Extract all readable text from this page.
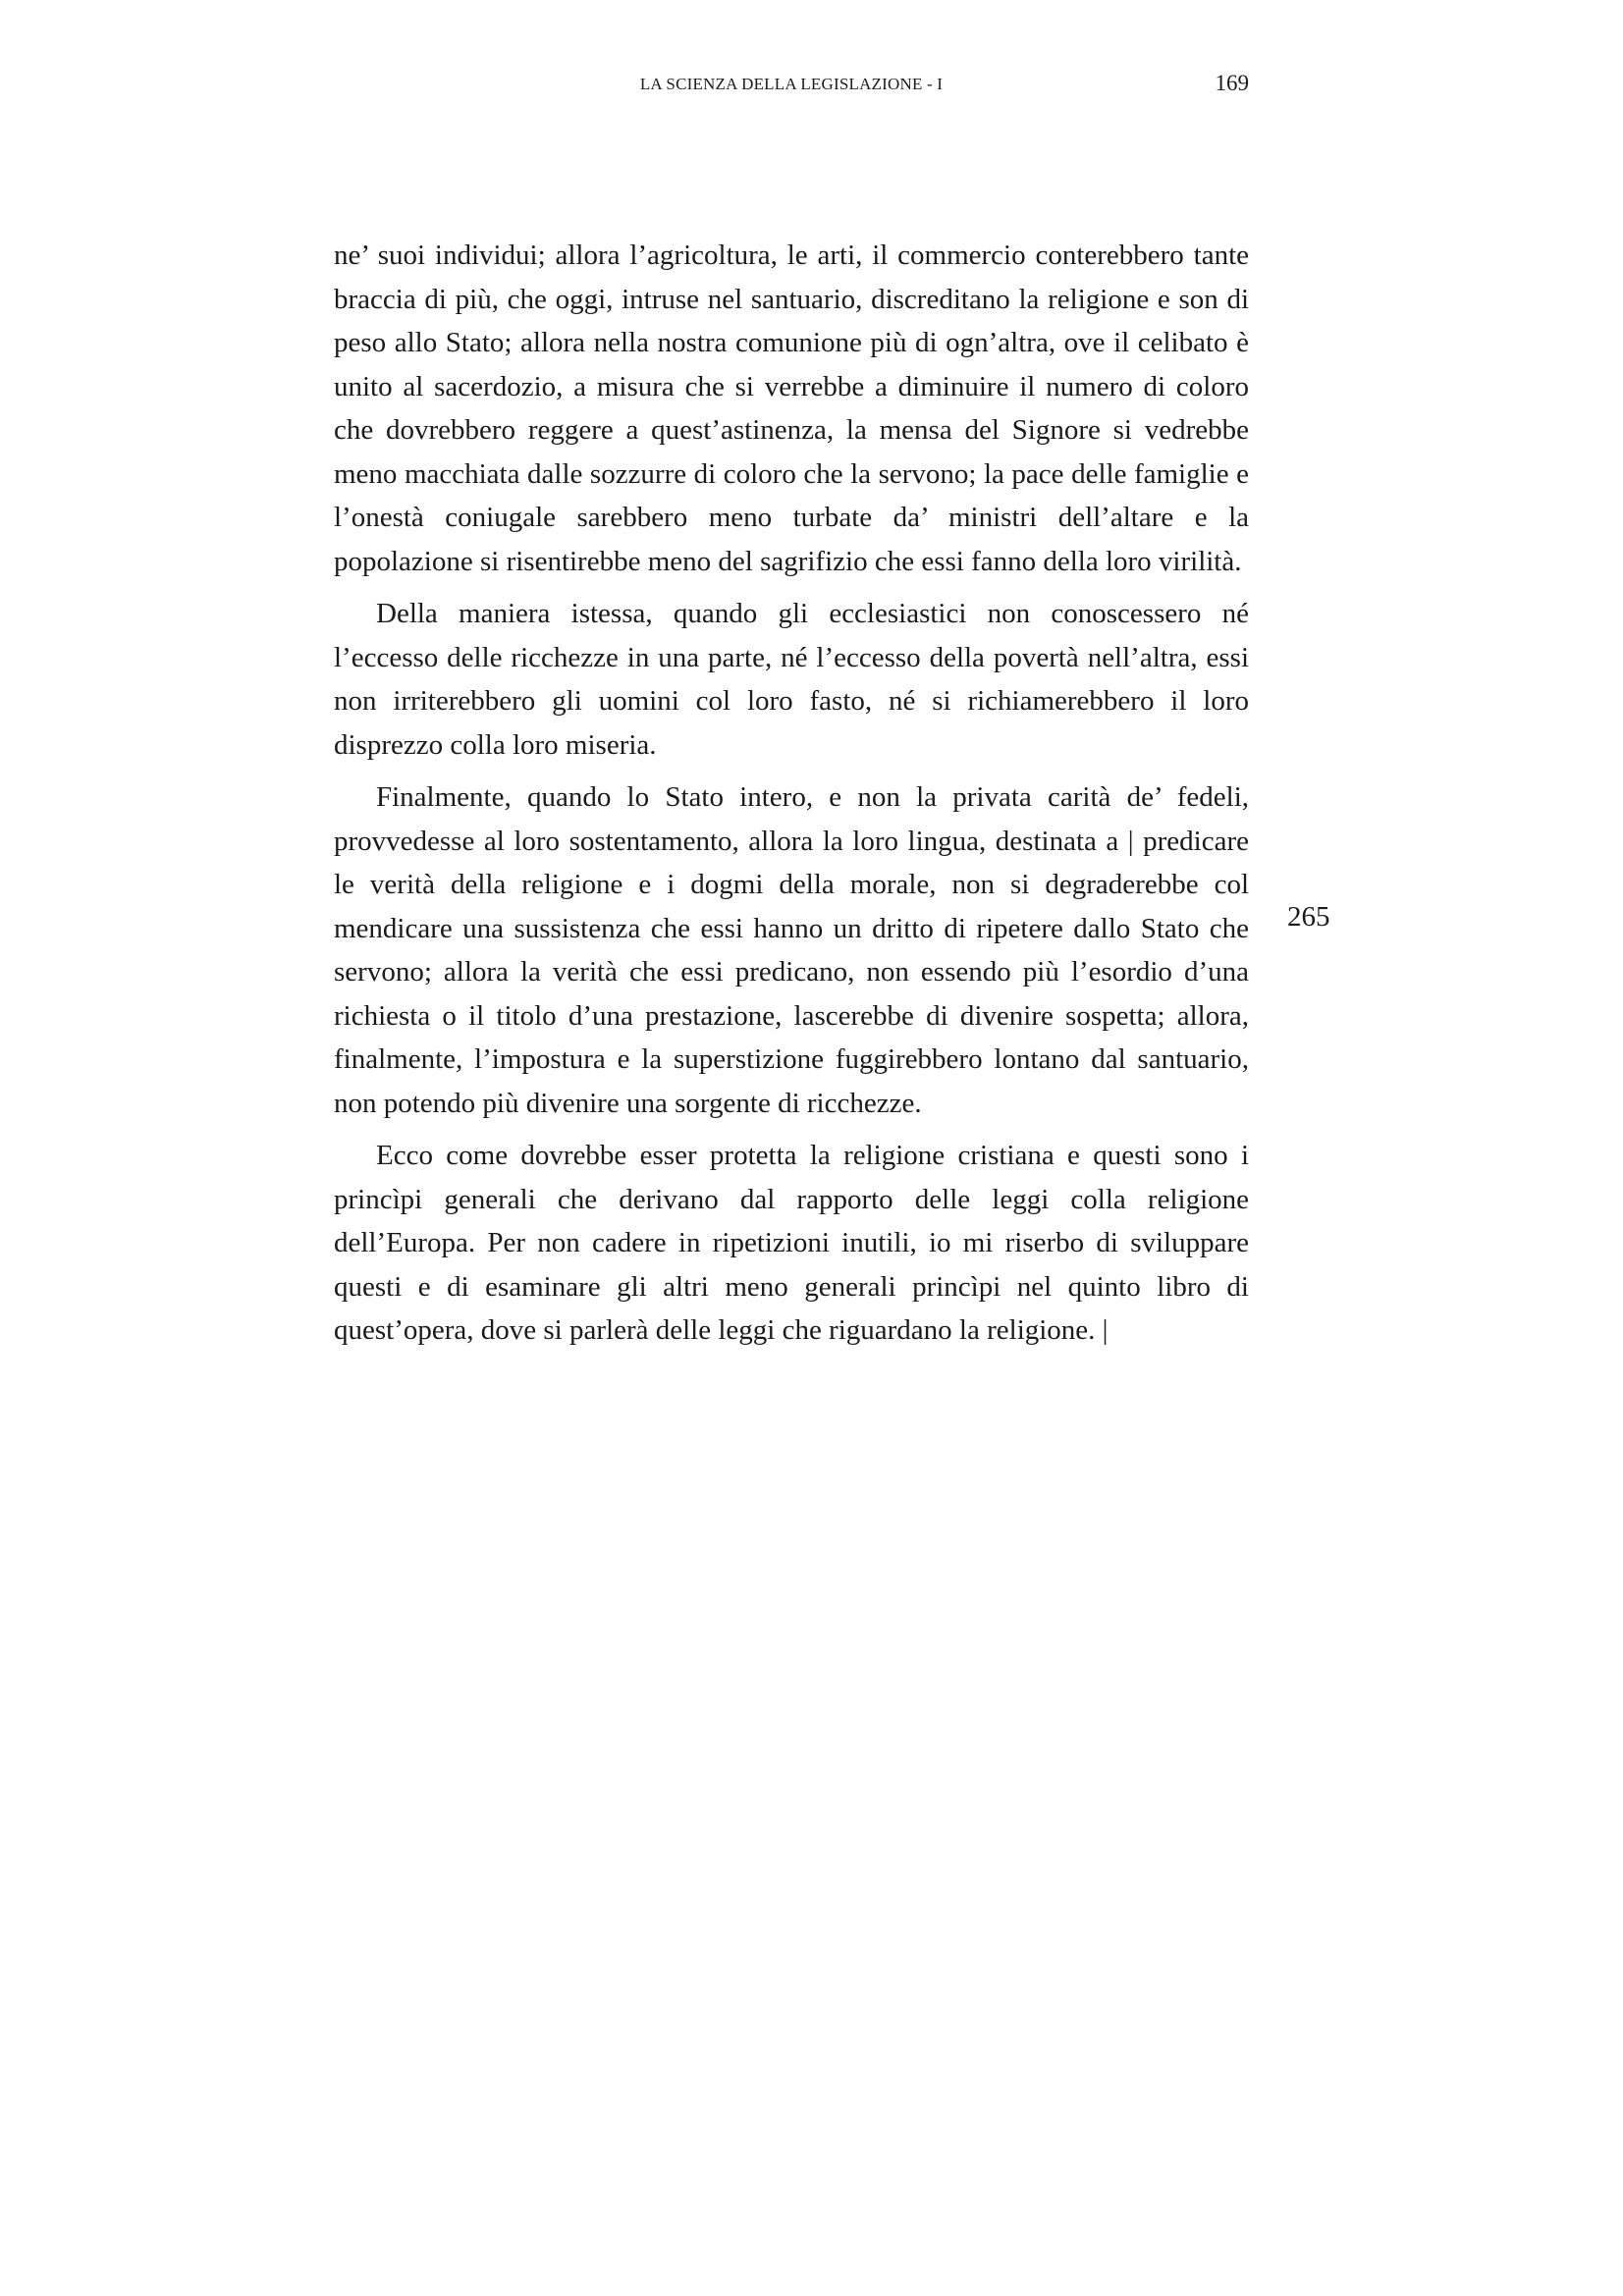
LA SCIENZA DELLA LEGISLAZIONE - I	169

ne’ suoi individui; allora l’agricoltura, le arti, il commercio conterebbero tante braccia di più, che oggi, intruse nel santuario, discreditano la religione e son di peso allo Stato; allora nella nostra comunione più di ogn’altra, ove il celibato è unito al sacerdozio, a misura che si verrebbe a diminuire il numero di coloro che dovrebbero reggere a quest’astinenza, la mensa del Signore si vedrebbe meno macchiata dalle sozzurre di coloro che la servono; la pace delle famiglie e l’onestà coniugale sarebbero meno turbate da’ ministri dell’altare e la popolazione si risentirebbe meno del sagrifizio che essi fanno della loro virilità.

Della maniera istessa, quando gli ecclesiastici non conoscessero né l’eccesso delle ricchezze in una parte, né l’eccesso della povertà nell’altra, essi non irriterebbero gli uomini col loro fasto, né si richiamerebbero il loro disprezzo colla loro miseria.

Finalmente, quando lo Stato intero, e non la privata carità de’ fedeli, provvedesse al loro sostentamento, allora la loro lingua, destinata a | predicare le verità della religione e i dogmi della morale, non si degraderebbe col mendicare una sussistenza che essi hanno un dritto di ripetere dallo Stato che servono; allora la verità che essi predicano, non essendo più l’esordio d’una richiesta o il titolo d’una prestazione, lascerebbe di divenire sospetta; allora, finalmente, l’impostura e la superstizione fuggirebbero lontano dal santuario, non potendo più divenire una sorgente di ricchezze.

Ecco come dovrebbe esser protetta la religione cristiana e questi sono i princìpi generali che derivano dal rapporto delle leggi colla religione dell’Europa. Per non cadere in ripetizioni inutili, io mi riserbo di sviluppare questi e di esaminare gli altri meno generali princìpi nel quinto libro di quest’opera, dove si parlerà delle leggi che riguardano la religione. |

265
